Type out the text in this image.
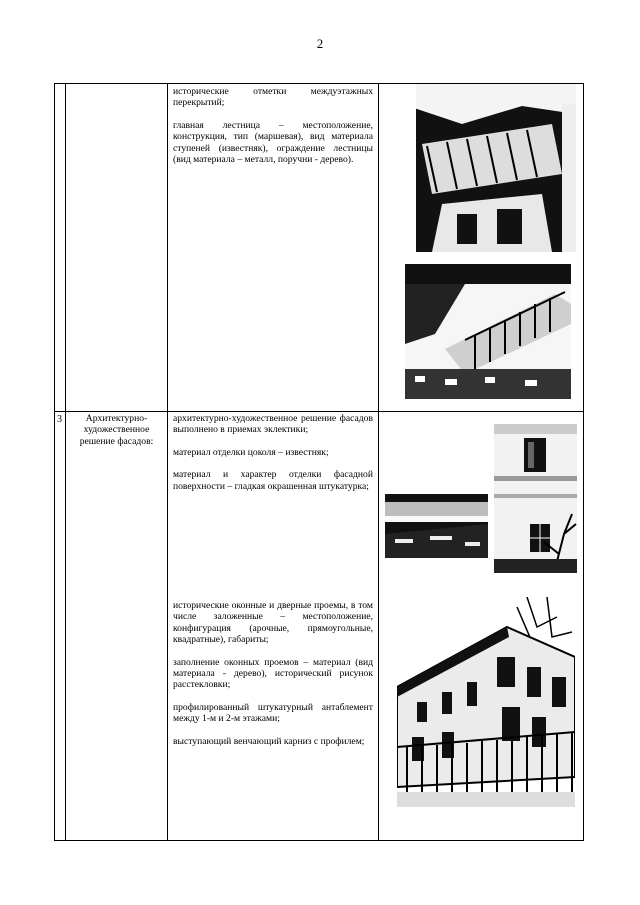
2

исторические отметки междуэтажных перекрытий;

главная лестница – местоположение, конструкция, тип (маршевая), вид материала ступеней (известняк), ограждение лестницы (вид материала – металл, поручни - дерево).

3	Архитектурно-художественное решение фасадов:

архитектурно-художественное решение фасадов выполнено в приемах эклектики;

материал отделки цоколя – известняк;

материал и характер отделки фасадной поверхности – гладкая окрашенная штукатурка;

исторические оконные и дверные проемы, в том числе заложенные – местоположение, конфигурация (арочные, прямоугольные, квадратные), габариты;

заполнение оконных проемов – материал (вид материала - дерево), исторический рисунок расстекловки;

профилированный штукатурный антаблемент между 1-м и 2-м этажами;

выступающий венчающий карниз с профилем;
